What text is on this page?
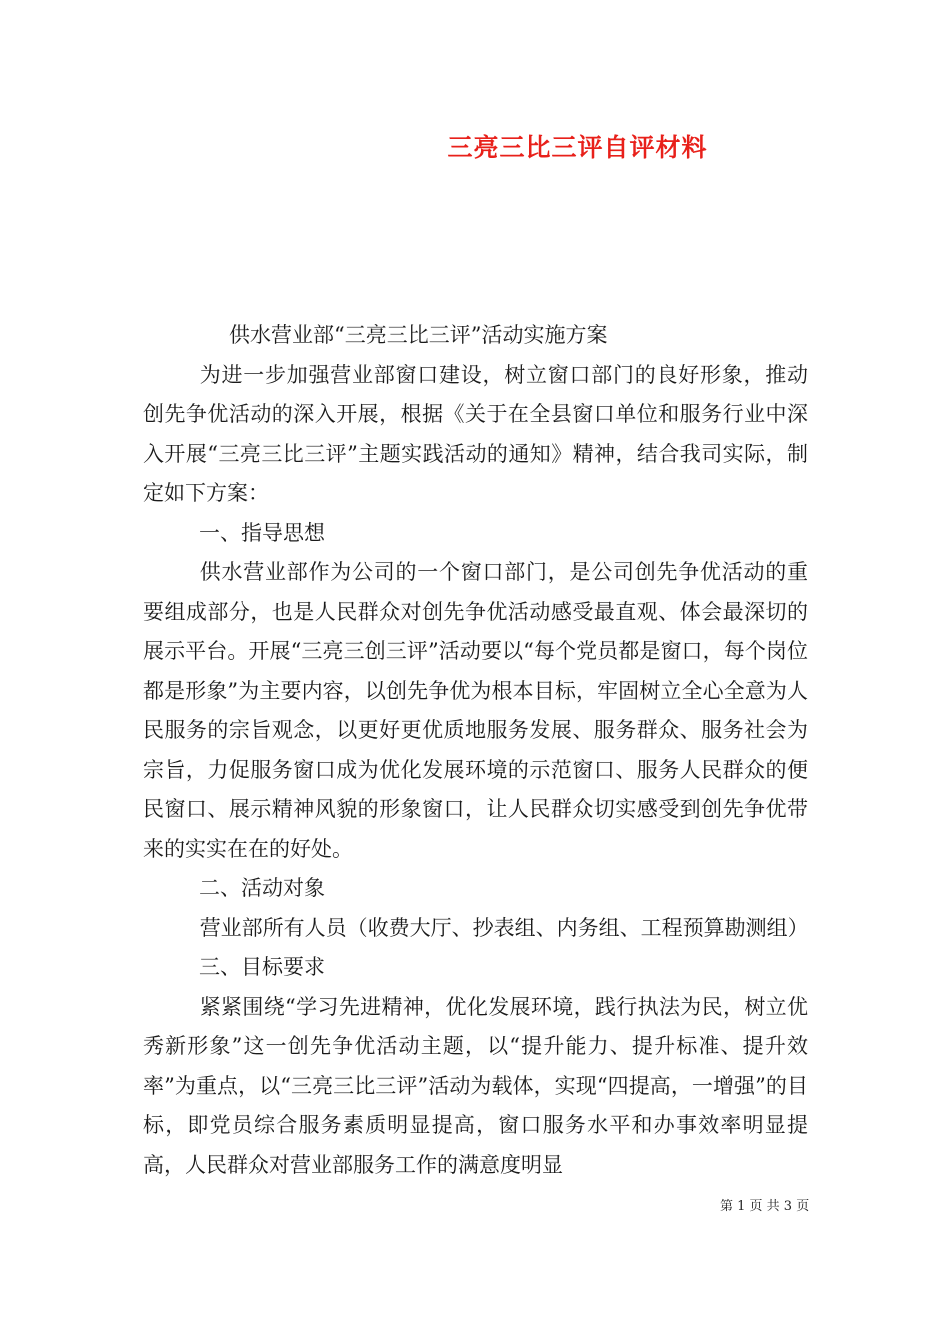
三亮三比三评自评材料

供水营业部“三亮三比三评”活动实施方案

为进一步加强营业部窗口建设，树立窗口部门的良好形象，推动创先争优活动的深入开展，根据《关于在全县窗口单位和服务行业中深入开展“三亮三比三评”主题实践活动的通知》精神，结合我司实际，制定如下方案：

一、指导思想

供水营业部作为公司的一个窗口部门，是公司创先争优活动的重要组成部分，也是人民群众对创先争优活动感受最直观、体会最深切的展示平台。开展“三亮三创三评”活动要以“每个党员都是窗口，每个岗位都是形象”为主要内容，以创先争优为根本目标，牢固树立全心全意为人民服务的宗旨观念，以更好更优质地服务发展、服务群众、服务社会为宗旨，力促服务窗口成为优化发展环境的示范窗口、服务人民群众的便民窗口、展示精神风貌的形象窗口，让人民群众切实感受到创先争优带来的实实在在的好处。

二、活动对象

营业部所有人员（收费大厅、抄表组、内务组、工程预算勘测组）

三、目标要求

紧紧围绕“学习先进精神，优化发展环境，践行执法为民，树立优秀新形象”这一创先争优活动主题，以“提升能力、提升标准、提升效率”为重点，以“三亮三比三评”活动为载体，实现“四提高，一增强”的目标，即党员综合服务素质明显提高，窗口服务水平和办事效率明显提高，人民群众对营业部服务工作的满意度明显

第 1 页 共 3 页
